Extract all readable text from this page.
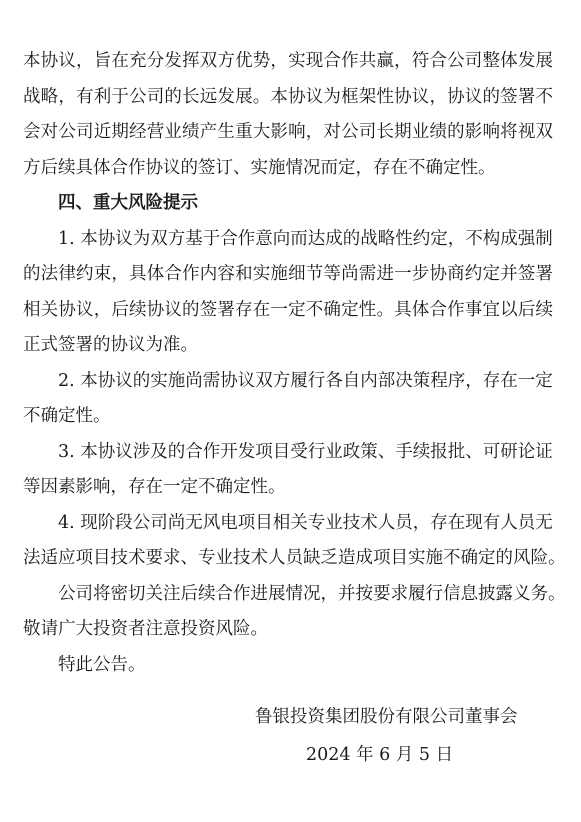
本 协 议 ， 旨 在 充 分 发 挥 双 方 优 势 ， 实 现 合 作 共 赢 ， 符 合 公 司 整 体 发 展
战 略 ， 有 利 于 公 司 的 长 远 发 展 。 本 协 议 为 框 架 性 协 议 ， 协 议 的 签 署 不
会 对 公 司 近 期 经 营 业 绩 产 生 重 大 影 响 ， 对 公 司 长 期 业 绩 的 影 响 将 视 双
方后续具体合作协议的签订、实施情况而定，存在不确定性。
四、重大风险提示
1. 本协议为双方基于合作意向而达成的战略性约定，不构成强制
的 法 律 约 束 ， 具 体 合 作 内 容 和 实 施 细 节 等 尚 需 进 一 步 协 商 约 定 并 签 署
相 关 协 议 ， 后 续 协 议 的 签 署 存 在 一 定 不 确 定 性 。 具 体 合 作 事 宜 以 后 续
正式签署的协议为准。
2. 本协议的实施尚需协议双方履行各自内部决策程序，存在一定
不确定性。
3. 本协议涉及的合作开发项目受行业政策、手续报批、可研论证
等因素影响，存在一定不确定性。
4. 现阶段公司尚无风电项目相关专业技术人员，存在现有人员无
法适应项目技术要求、专业技术人员缺乏造成项目实施不确定的风险。
公司将密切关注后续合作进展情况，并按要求履行信息披露义务。
敬请广大投资者注意投资风险。
特此公告。
鲁银投资集团股份有限公司董事会
2024 年 6 月 5 日
